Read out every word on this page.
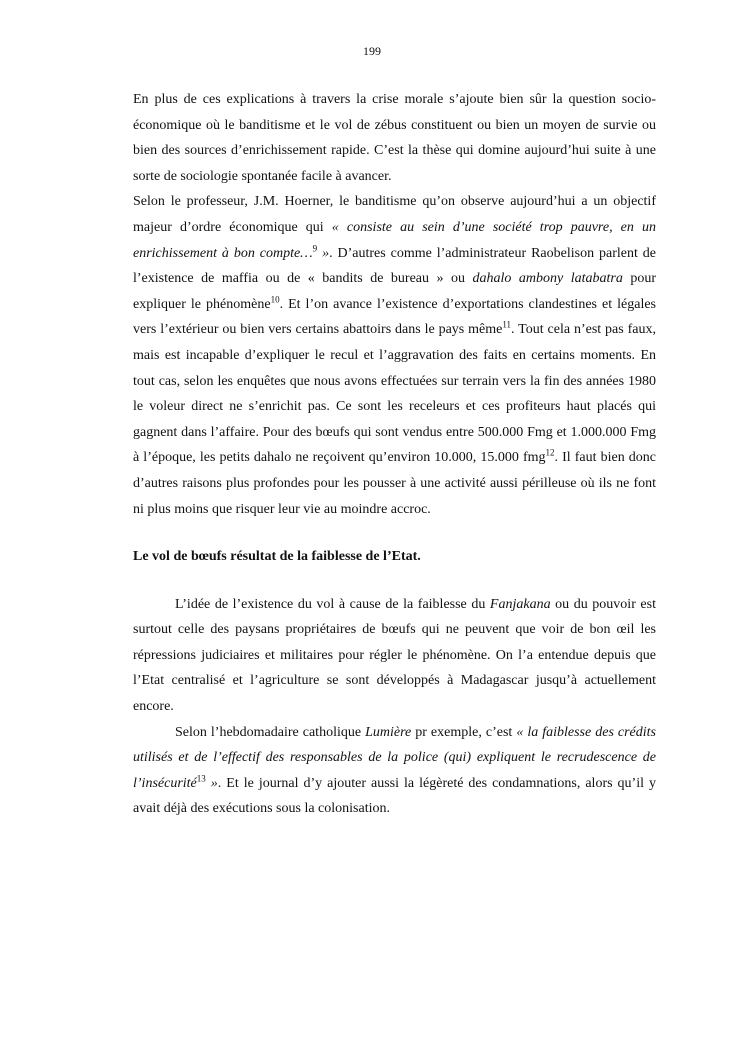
199

En plus de ces explications à travers la crise morale s’ajoute bien sûr la question socio-économique où le banditisme et le vol de zébus constituent ou bien un moyen de survie ou bien des sources d’enrichissement rapide. C’est la thèse qui domine aujourd’hui suite à une sorte de sociologie spontanée facile à avancer.

Selon le professeur, J.M. Hoerner, le banditisme qu’on observe aujourd’hui a un objectif majeur d’ordre économique qui « consiste au sein d’une société trop pauvre, en un enrichissement à bon compte…$^9$ ». D’autres comme l’administrateur Raobelison parlent de l’existence de maffia ou de « bandits de bureau » ou dahalo ambony latabatra pour expliquer le phénomène$^{10}$. Et l’on avance l’existence d’exportations clandestines et légales vers l’extérieur ou bien vers certains abattoirs dans le pays même$^{11}$. Tout cela n’est pas faux, mais est incapable d’expliquer le recul et l’aggravation des faits en certains moments. En tout cas, selon les enquêtes que nous avons effectuées sur terrain vers la fin des années 1980 le voleur direct ne s’enrichit pas. Ce sont les receleurs et ces profiteurs haut placés qui gagnent dans l’affaire. Pour des bœufs qui sont vendus entre 500.000 Fmg et 1.000.000 Fmg à l’époque, les petits dahalo ne reçoivent qu’environ 10.000, 15.000 fmg$^{12}$. Il faut bien donc d’autres raisons plus profondes pour les pousser à une activité aussi périlleuse où ils ne font ni plus moins que risquer leur vie au moindre accroc.

Le vol de bœufs résultat de la faiblesse de l’Etat.

L’idée de l’existence du vol à cause de la faiblesse du Fanjakana ou du pouvoir est surtout celle des paysans propriétaires de bœufs qui ne peuvent que voir de bon œil les répressions judiciaires et militaires pour régler le phénomène. On l’a entendue depuis que l’Etat centralisé et l’agriculture se sont développés à Madagascar jusqu’à actuellement encore.

Selon l’hebdomadaire catholique Lumière pr exemple, c’est « la faiblesse des crédits utilisés et de l’effectif des responsables de la police (qui) expliquent le recrudescence de l’insécurité$^{13}$ ». Et le journal d’y ajouter aussi la légèreté des condamnations, alors qu’il y avait déjà des exécutions sous la colonisation.
